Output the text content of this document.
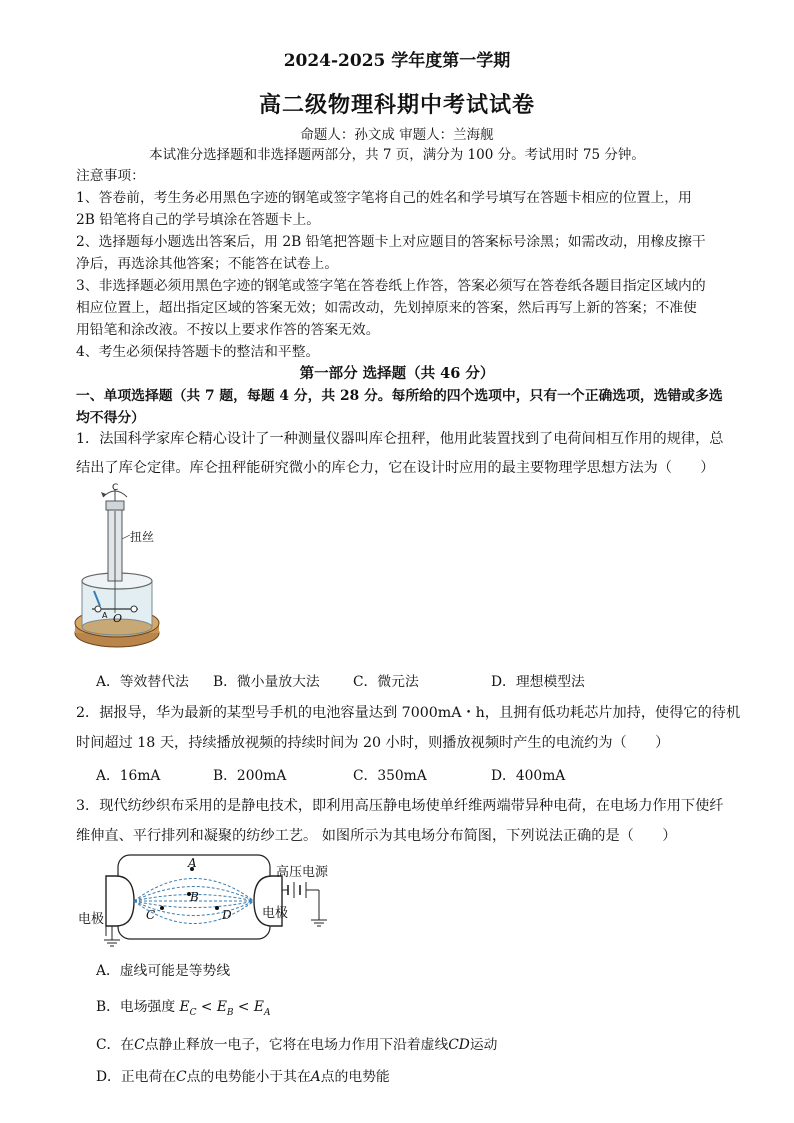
2024-2025 学年度第一学期
高二级物理科期中考试试卷
命题人：孙文成 审题人：兰海舰
本试准分选择题和非选择题两部分，共 7 页，满分为 100 分。考试用时 75 分钟。
注意事项：
1、答卷前，考生务必用黑色字迹的钢笔或签字笔将自己的姓名和学号填写在答题卡相应的位置上，用
2B 铅笔将自己的学号填涂在答题卡上。
2、选择题每小题选出答案后，用 2B 铅笔把答题卡上对应题目的答案标号涂黑；如需改动，用橡皮擦干
净后，再选涂其他答案；不能答在试卷上。
3、非选择题必须用黑色字迹的钢笔或签字笔在答卷纸上作答，答案必须写在答卷纸各题目指定区域内的
相应位置上，超出指定区域的答案无效；如需改动，先划掉原来的答案，然后再写上新的答案；不准使
用铅笔和涂改液。不按以上要求作答的答案无效。
4、考生必须保持答题卡的整洁和平整。
第一部分 选择题（共 46 分）
一、单项选择题（共 7 题，每题 4 分，共 28 分。每所给的四个选项中，只有一个正确选项，选错或多选
均不得分）
1．法国科学家库仑精心设计了一种测量仪器叫库仑扭秤，他用此装置找到了电荷间相互作用的规律，总
结出了库仑定律。库仑扭秤能研究微小的库仑力，它在设计时应用的最主要物理学思想方法为（　　）
C
扭丝
A O
A．等效替代法 B．微小量放大法 C．微元法	D．理想模型法
2．据报导，华为最新的某型号手机的电池容量达到 7000mA・h，且拥有低功耗芯片加持，使得它的待机
时间超过 18 天，持续播放视频的持续时间为 20 小时，则播放视频时产生的电流约为（　　）
A．16mA	B．200mA	C．350mA	D．400mA
3．现代纺纱织布采用的是静电技术，即利用高压静电场使单纤维两端带异种电荷，在电场力作用下使纤
维伸直、平行排列和凝聚的纺纱工艺。 如图所示为其电场分布简图，下列说法正确的是（　　）
高压电源
电极	电极
A
B
C	D
A．虚线可能是等势线
B．电场强度 $E_C < E_B < E_A$
C．在C点静止释放一电子，它将在电场力作用下沿着虚线CD运动
D．正电荷在C点的电势能小于其在A点的电势能
